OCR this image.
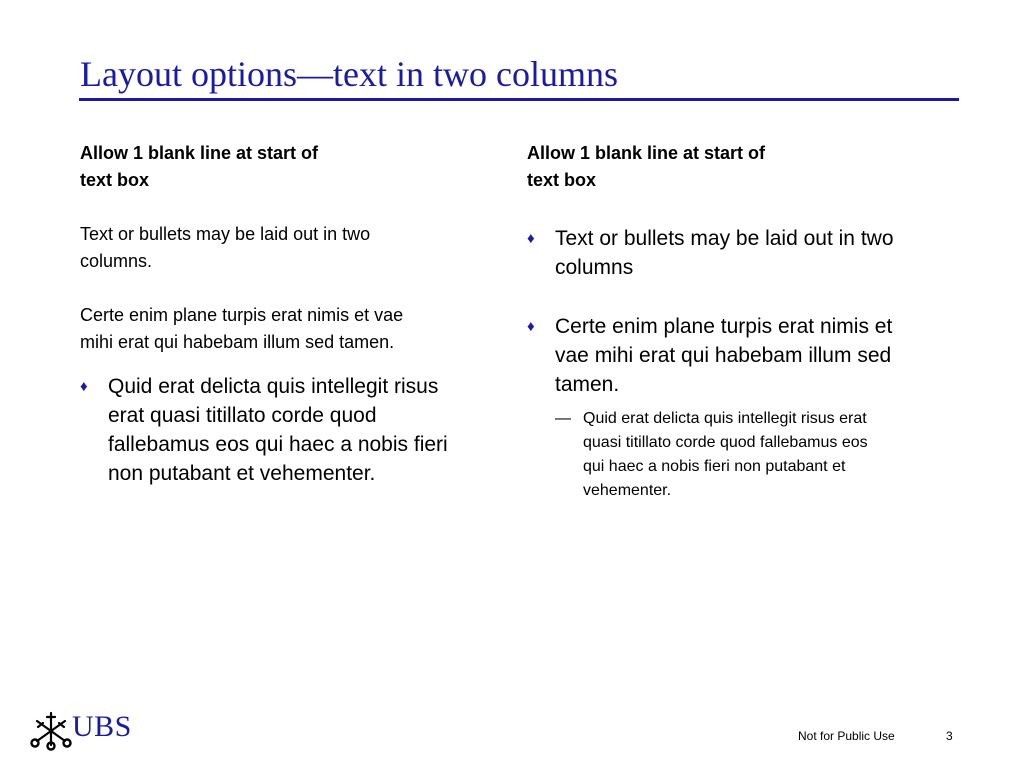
Layout options—text in two columns

Allow 1 blank line at start of
text box

Text or bullets may be laid out in two
columns.

Certe enim plane turpis erat nimis et vae
mihi erat qui habebam illum sed tamen.

♦ Quid erat delicta quis intellegit risus
erat quasi titillato corde quod
fallebamus eos qui haec a nobis fieri
non putabant et vehementer.

Allow 1 blank line at start of
text box

♦ Text or bullets may be laid out in two
columns
♦ Certe enim plane turpis erat nimis et
vae mihi erat qui habebam illum sed
tamen.
— Quid erat delicta quis intellegit risus erat
quasi titillato corde quod fallebamus eos
qui haec a nobis fieri non putabant et
vehementer.
UBS	Not for Public Use	3
